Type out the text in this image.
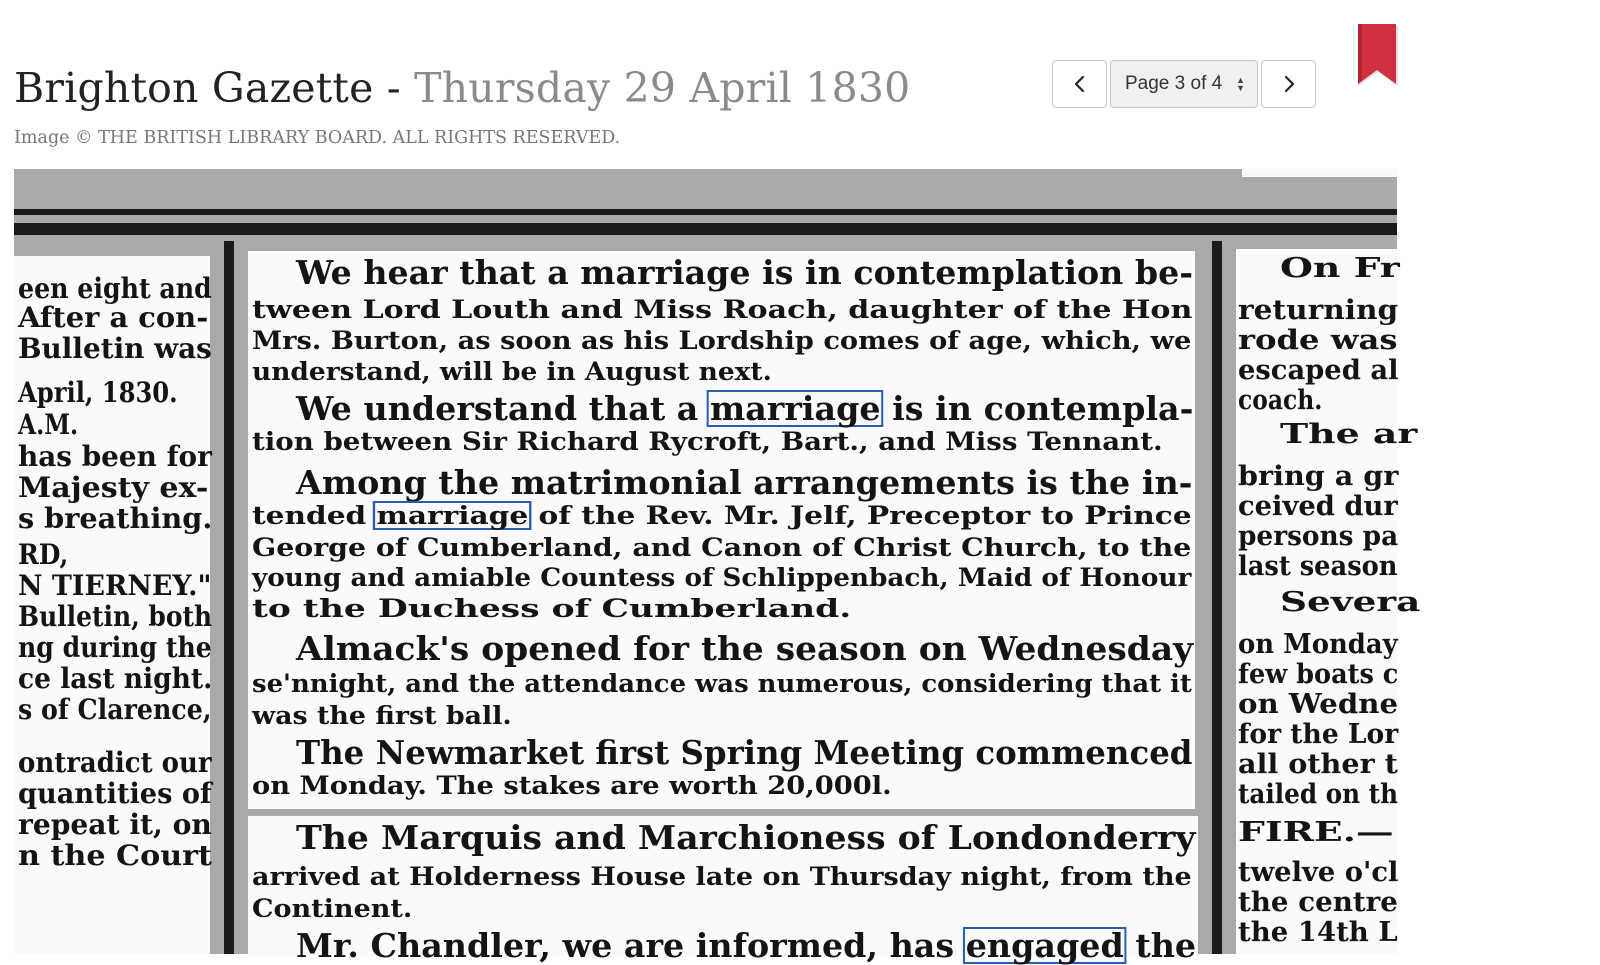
Brighton Gazette - Thursday 29 April 1830
Image © THE BRITISH LIBRARY BOARD. ALL RIGHTS RESERVED.
Page 3 of 4 ▲
▼
een eight and
After a con-
Bulletin was
April, 1830.
A.M.
has been for
Majesty ex-
s breathing.
RD,
N TIERNEY."
Bulletin, both
ng during the
ce last night.
s of Clarence,
ontradict our
quantities of
repeat it, on
n the Court
We hear that a marriage is in contemplation be-
tween Lord Louth and Miss Roach, daughter of the Hon
Mrs. Burton, as soon as his Lordship comes of age, which, we
understand, will be in August next.
We understand that a marriage is in contempla-
tion between Sir Richard Rycroft, Bart., and Miss Tennant.
Among the matrimonial arrangements is the in-
tended marriage of the Rev. Mr. Jelf, Preceptor to Prince
George of Cumberland, and Canon of Christ Church, to the
young and amiable Countess of Schlippenbach, Maid of Honour
to the Duchess of Cumberland.
Almack's opened for the season on Wednesday
se'nnight, and the attendance was numerous, considering that it
was the first ball.
The Newmarket first Spring Meeting commenced
on Monday. The stakes are worth 20,000l.
The Marquis and Marchioness of Londonderry
arrived at Holderness House late on Thursday night, from the
Continent.
Mr. Chandler, we are informed, has engaged the
On Fr
returning
rode was
escaped al
coach.
The ar
bring a gr
ceived dur
persons pa
last season
Severa
on Monday
few boats c
on Wedne
for the Lor
all other t
tailed on th
FIRE.—
twelve o'cl
the centre
the 14th L
